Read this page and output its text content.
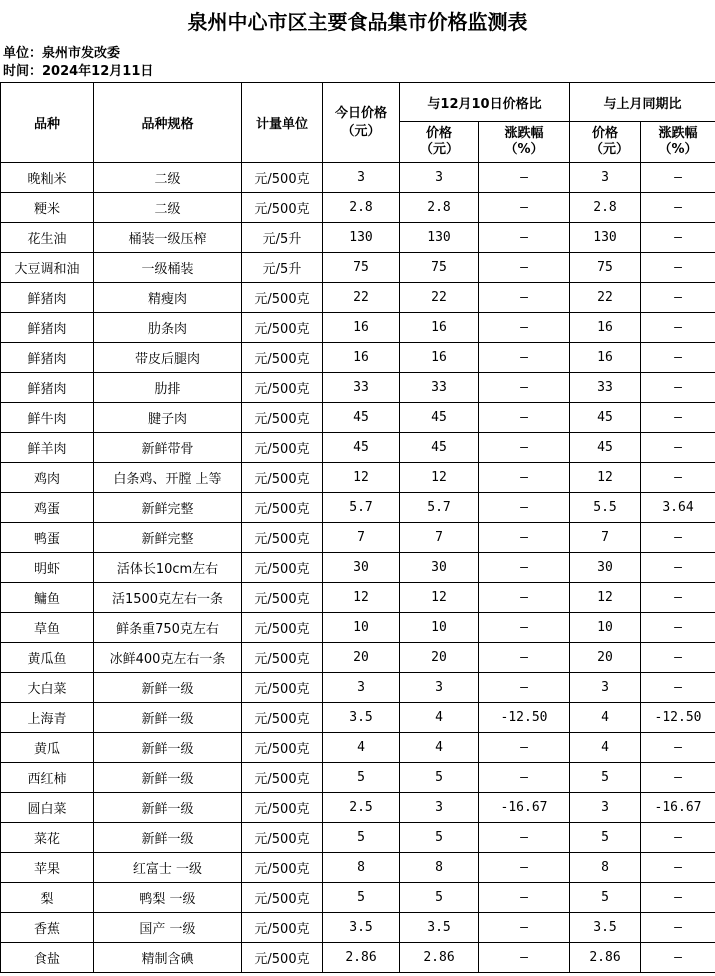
泉州中心市区主要食品集市价格监测表
单位：泉州市发改委
时间：2024年12月11日
品种	品种规格	计量单位	今日价格（元）	与12月10日价格比		与上月同期比	
				价格（元）	涨跌幅（%）	价格（元）	涨跌幅（%）
晚籼米	二级	元/500克	3	3	–	3	–
粳米	二级	元/500克	2.8	2.8	–	2.8	–
花生油	桶装一级压榨	元/5升	130	130	–	130	–
大豆调和油	一级桶装	元/5升	75	75	–	75	–
鲜猪肉	精瘦肉	元/500克	22	22	–	22	–
鲜猪肉	肋条肉	元/500克	16	16	–	16	–
鲜猪肉	带皮后腿肉	元/500克	16	16	–	16	–
鲜猪肉	肋排	元/500克	33	33	–	33	–
鲜牛肉	腱子肉	元/500克	45	45	–	45	–
鲜羊肉	新鲜带骨	元/500克	45	45	–	45	–
鸡肉	白条鸡、开膛 上等	元/500克	12	12	–	12	–
鸡蛋	新鲜完整	元/500克	5.7	5.7	–	5.5	3.64
鸭蛋	新鲜完整	元/500克	7	7	–	7	–
明虾	活体长10cm左右	元/500克	30	30	–	30	–
鳙鱼	活1500克左右一条	元/500克	12	12	–	12	–
草鱼	鲜条重750克左右	元/500克	10	10	–	10	–
黄瓜鱼	冰鲜400克左右一条	元/500克	20	20	–	20	–
大白菜	新鲜一级	元/500克	3	3	–	3	–
上海青	新鲜一级	元/500克	3.5	4	-12.50	4	-12.50
黄瓜	新鲜一级	元/500克	4	4	–	4	–
西红柿	新鲜一级	元/500克	5	5	–	5	–
圆白菜	新鲜一级	元/500克	2.5	3	-16.67	3	-16.67
菜花	新鲜一级	元/500克	5	5	–	5	–
苹果	红富士 一级	元/500克	8	8	–	8	–
梨	鸭梨 一级	元/500克	5	5	–	5	–
香蕉	国产 一级	元/500克	3.5	3.5	–	3.5	–
食盐	精制含碘	元/500克	2.86	2.86	–	2.86	–
